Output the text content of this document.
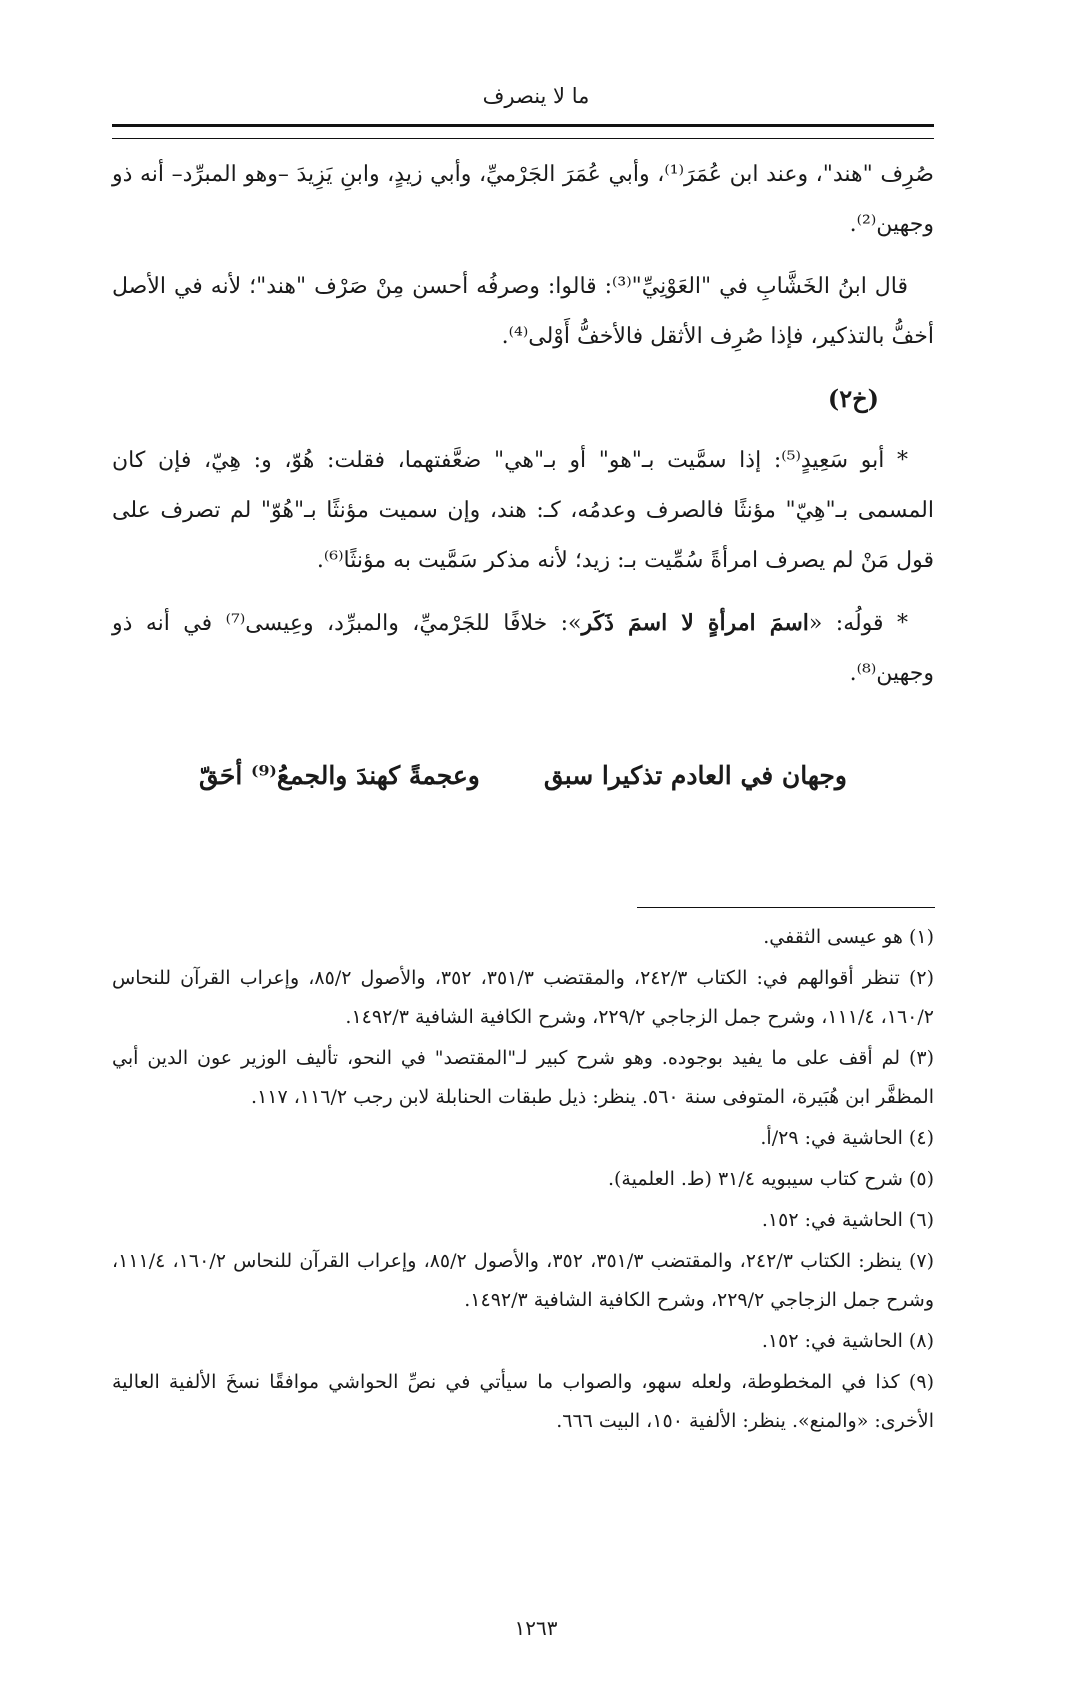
ما لا ينصرف

صُرِف "هند"، وعند ابن عُمَرَ⁽¹⁾، وأبي عُمَرَ الجَرْميِّ، وأبي زيدٍ، وابنِ يَزِيدَ –وهو المبرِّد– أنه ذو وجهين⁽²⁾.

قال ابنُ الخَشَّابِ في "العَوْنِيِّ"⁽³⁾: قالوا: وصرفُه أحسن مِنْ صَرْف "هند"؛ لأنه في الأصل أخفُّ بالتذكير، فإذا صُرِف الأثقل فالأخفُّ أَوْلى⁽⁴⁾.

(خ٢)

* أبو سَعِيدٍ⁽⁵⁾: إذا سمَّيت بـ"هو" أو بـ"هي" ضعَّفتهما، فقلت: هُوّ، و: هِيّ، فإن كان المسمى بـ"هِيّ" مؤنثًا فالصرف وعدمُه، كـ: هند، وإن سميت مؤنثًا بـ"هُوّ" لم تصرف على قول مَنْ لم يصرف امرأةً سُمِّيت بـ: زيد؛ لأنه مذكر سَمَّيت به مؤنثًا⁽⁶⁾.

* قولُه: «اسمَ امرأةٍ لا اسمَ ذَكَر»: خلافًا للجَرْميِّ، والمبرِّد، وعِيسى⁽⁷⁾ في أنه ذو وجهين⁽⁸⁾.

وجهان في العادم تذكيرا سبق
وعجمةً كهندَ والجمعُ⁽⁹⁾ أحَقّ

(١) هو عيسى الثقفي.

(٢) تنظر أقوالهم في: الكتاب ٢٤٢/٣، والمقتضب ٣٥١/٣، ٣٥٢، والأصول ٨٥/٢، وإعراب القرآن للنحاس ١٦٠/٢، ١١١/٤، وشرح جمل الزجاجي ٢٢٩/٢، وشرح الكافية الشافية ١٤٩٢/٣.

(٣) لم أقف على ما يفيد بوجوده. وهو شرح كبير لـ"المقتصد" في النحو، تأليف الوزير عون الدين أبي المظفَّر ابن هُبَيرة، المتوفى سنة ٥٦٠. ينظر: ذيل طبقات الحنابلة لابن رجب ١١٦/٢، ١١٧.

(٤) الحاشية في: ٢٩/أ.

(٥) شرح كتاب سيبويه ٣١/٤ (ط. العلمية).

(٦) الحاشية في: ١٥٢.

(٧) ينظر: الكتاب ٢٤٢/٣، والمقتضب ٣٥١/٣، ٣٥٢، والأصول ٨٥/٢، وإعراب القرآن للنحاس ١٦٠/٢، ١١١/٤، وشرح جمل الزجاجي ٢٢٩/٢، وشرح الكافية الشافية ١٤٩٢/٣.

(٨) الحاشية في: ١٥٢.

(٩) كذا في المخطوطة، ولعله سهو، والصواب ما سيأتي في نصِّ الحواشي موافقًا نسخَ الألفية العالية الأخرى: «والمنع». ينظر: الألفية ١٥٠، البيت ٦٦٦.

١٢٦٣
